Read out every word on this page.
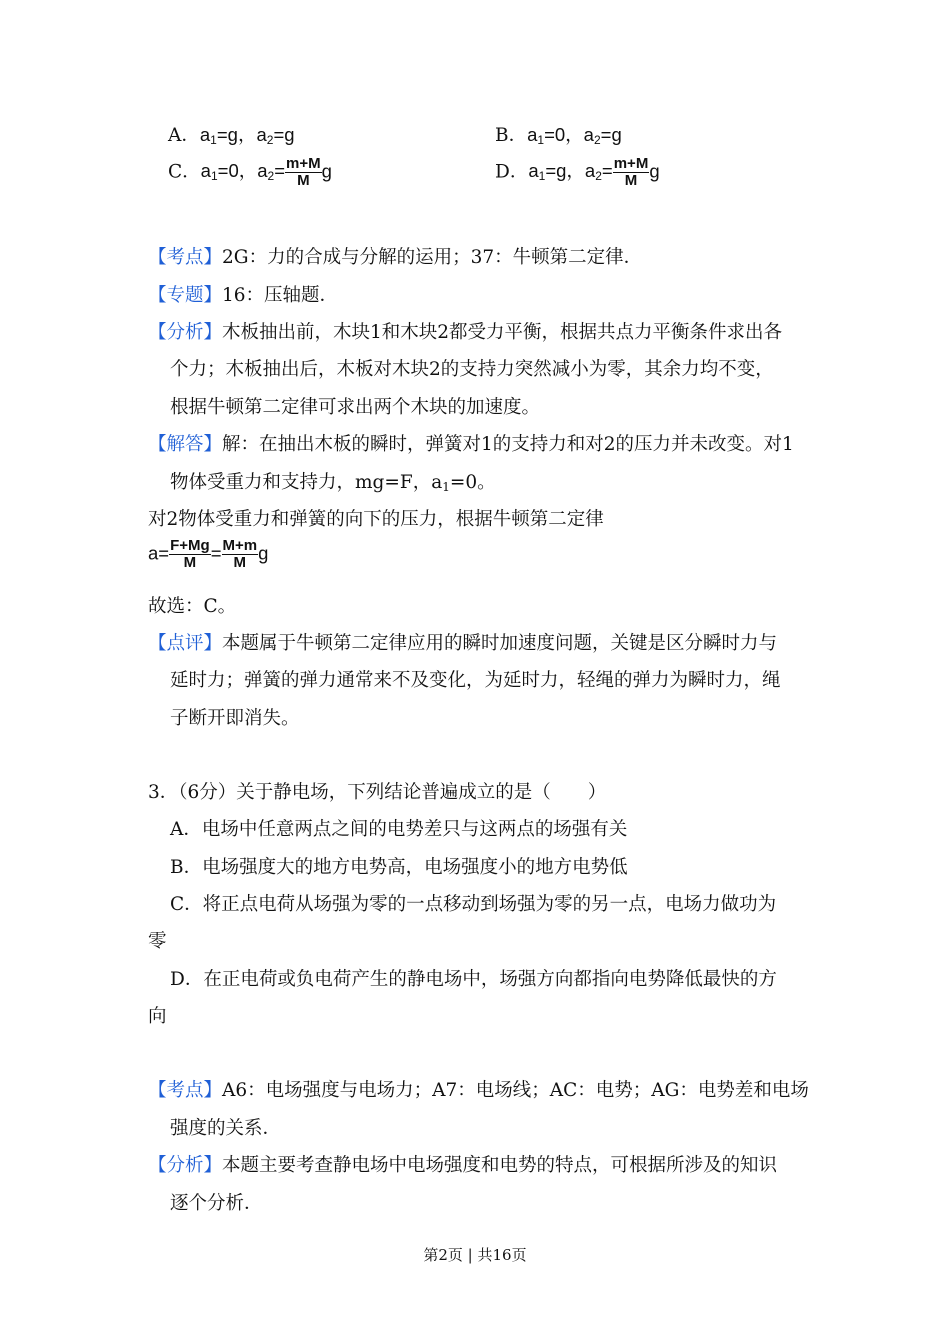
A．$a_1=g$，$a_2=g$	B．$a_1=0$，$a_2=g$
C．$a_1=0$，$a_2= \frac{m+M}{M}$ g	D．$a_1=g$，$a_2= \frac{m+M}{M}$ g
【考点】2G：力的合成与分解的运用；37：牛顿第二定律．
【专题】16：压轴题．
【分析】木板抽出前，木块1和木块2都受力平衡，根据共点力平衡条件求出各
个力；木板抽出后，木板对木块2的支持力突然减小为零，其余力均不变，
根据牛顿第二定律可求出两个木块的加速度。
【解答】解：在抽出木板的瞬时，弹簧对1的支持力和对2的压力并未改变。对1
物体受重力和支持力，mg=F，$a_1=0$。
对2物体受重力和弹簧的向下的压力，根据牛顿第二定律
$a= \frac{F+Mg}{M} = \frac{M+m}{M}$ g
故选：C。
【点评】本题属于牛顿第二定律应用的瞬时加速度问题，关键是区分瞬时力与
延时力；弹簧的弹力通常来不及变化，为延时力，轻绳的弹力为瞬时力，绳
子断开即消失。
3．（6分）关于静电场，下列结论普遍成立的是（　　）
A．电场中任意两点之间的电势差只与这两点的场强有关
B．电场强度大的地方电势高，电场强度小的地方电势低
C．将正点电荷从场强为零的一点移动到场强为零的另一点，电场力做功为
零
D．在正电荷或负电荷产生的静电场中，场强方向都指向电势降低最快的方
向
【考点】A6：电场强度与电场力；A7：电场线；AC：电势；AG：电势差和电场
强度的关系．
【分析】本题主要考查静电场中电场强度和电势的特点，可根据所涉及的知识
逐个分析．
第2页 | 共16页
